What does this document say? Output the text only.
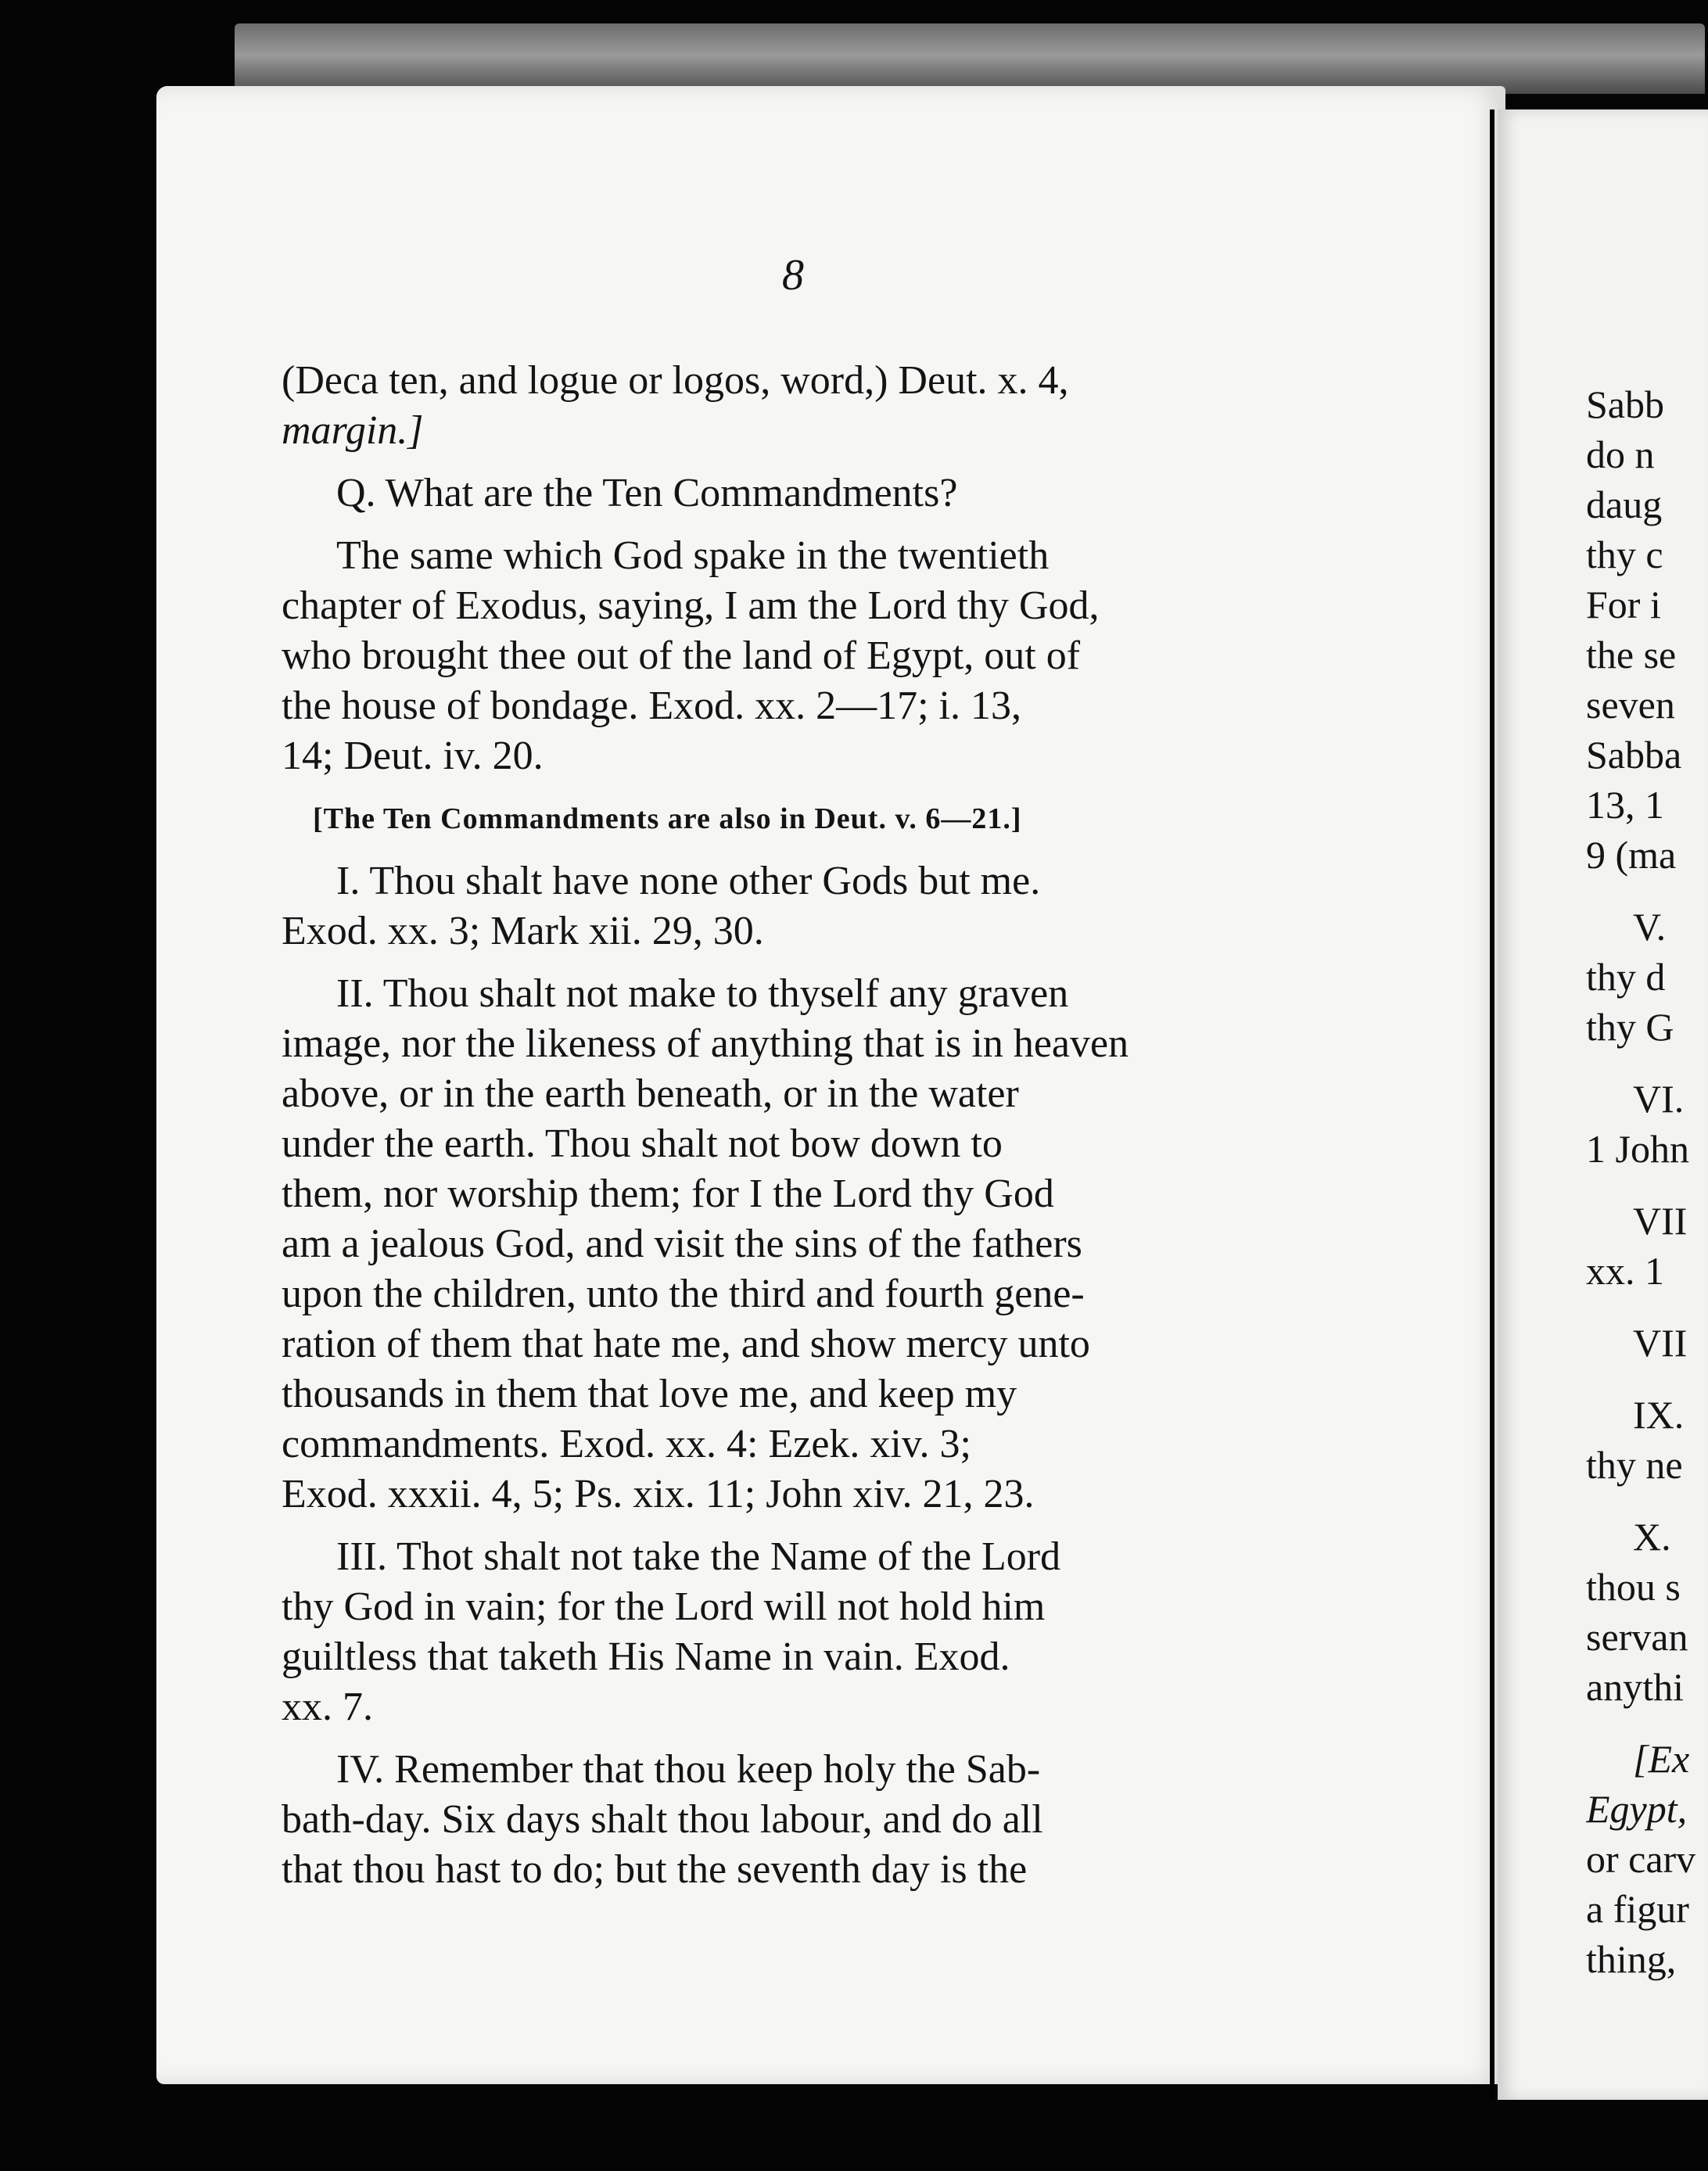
8

(Deca ten, and logue or logos, word,) Deut. x. 4,
margin.]

Q. What are the Ten Commandments?

The same which God spake in the twentieth
chapter of Exodus, saying, I am the Lord thy God,
who brought thee out of the land of Egypt, out of
the house of bondage. Exod. xx. 2—17; i. 13,
14; Deut. iv. 20.

[The Ten Commandments are also in Deut. v. 6—21.]

I. Thou shalt have none other Gods but me.
Exod. xx. 3; Mark xii. 29, 30.

II. Thou shalt not make to thyself any graven
image, nor the likeness of anything that is in heaven
above, or in the earth beneath, or in the water
under the earth. Thou shalt not bow down to
them, nor worship them; for I the Lord thy God
am a jealous God, and visit the sins of the fathers
upon the children, unto the third and fourth gene-
ration of them that hate me, and show mercy unto
thousands in them that love me, and keep my
commandments. Exod. xx. 4: Ezek. xiv. 3;
Exod. xxxii. 4, 5; Ps. xix. 11; John xiv. 21, 23.

III. Thot shalt not take the Name of the Lord
thy God in vain; for the Lord will not hold him
guiltless that taketh His Name in vain. Exod.
xx. 7.

IV. Remember that thou keep holy the Sab-
bath-day. Six days shalt thou labour, and do all
that thou hast to do; but the seventh day is the

Sabb
do n
daug
thy c
For i
the se
seven
Sabba
13, 1
9 (ma
V.
thy d
thy G
VI.
1 John
VII
xx. 1
VII
IX.
thy ne
X.
thou s
servan
anythi
[Ex
Egypt,
or carv
a figur
thing,
